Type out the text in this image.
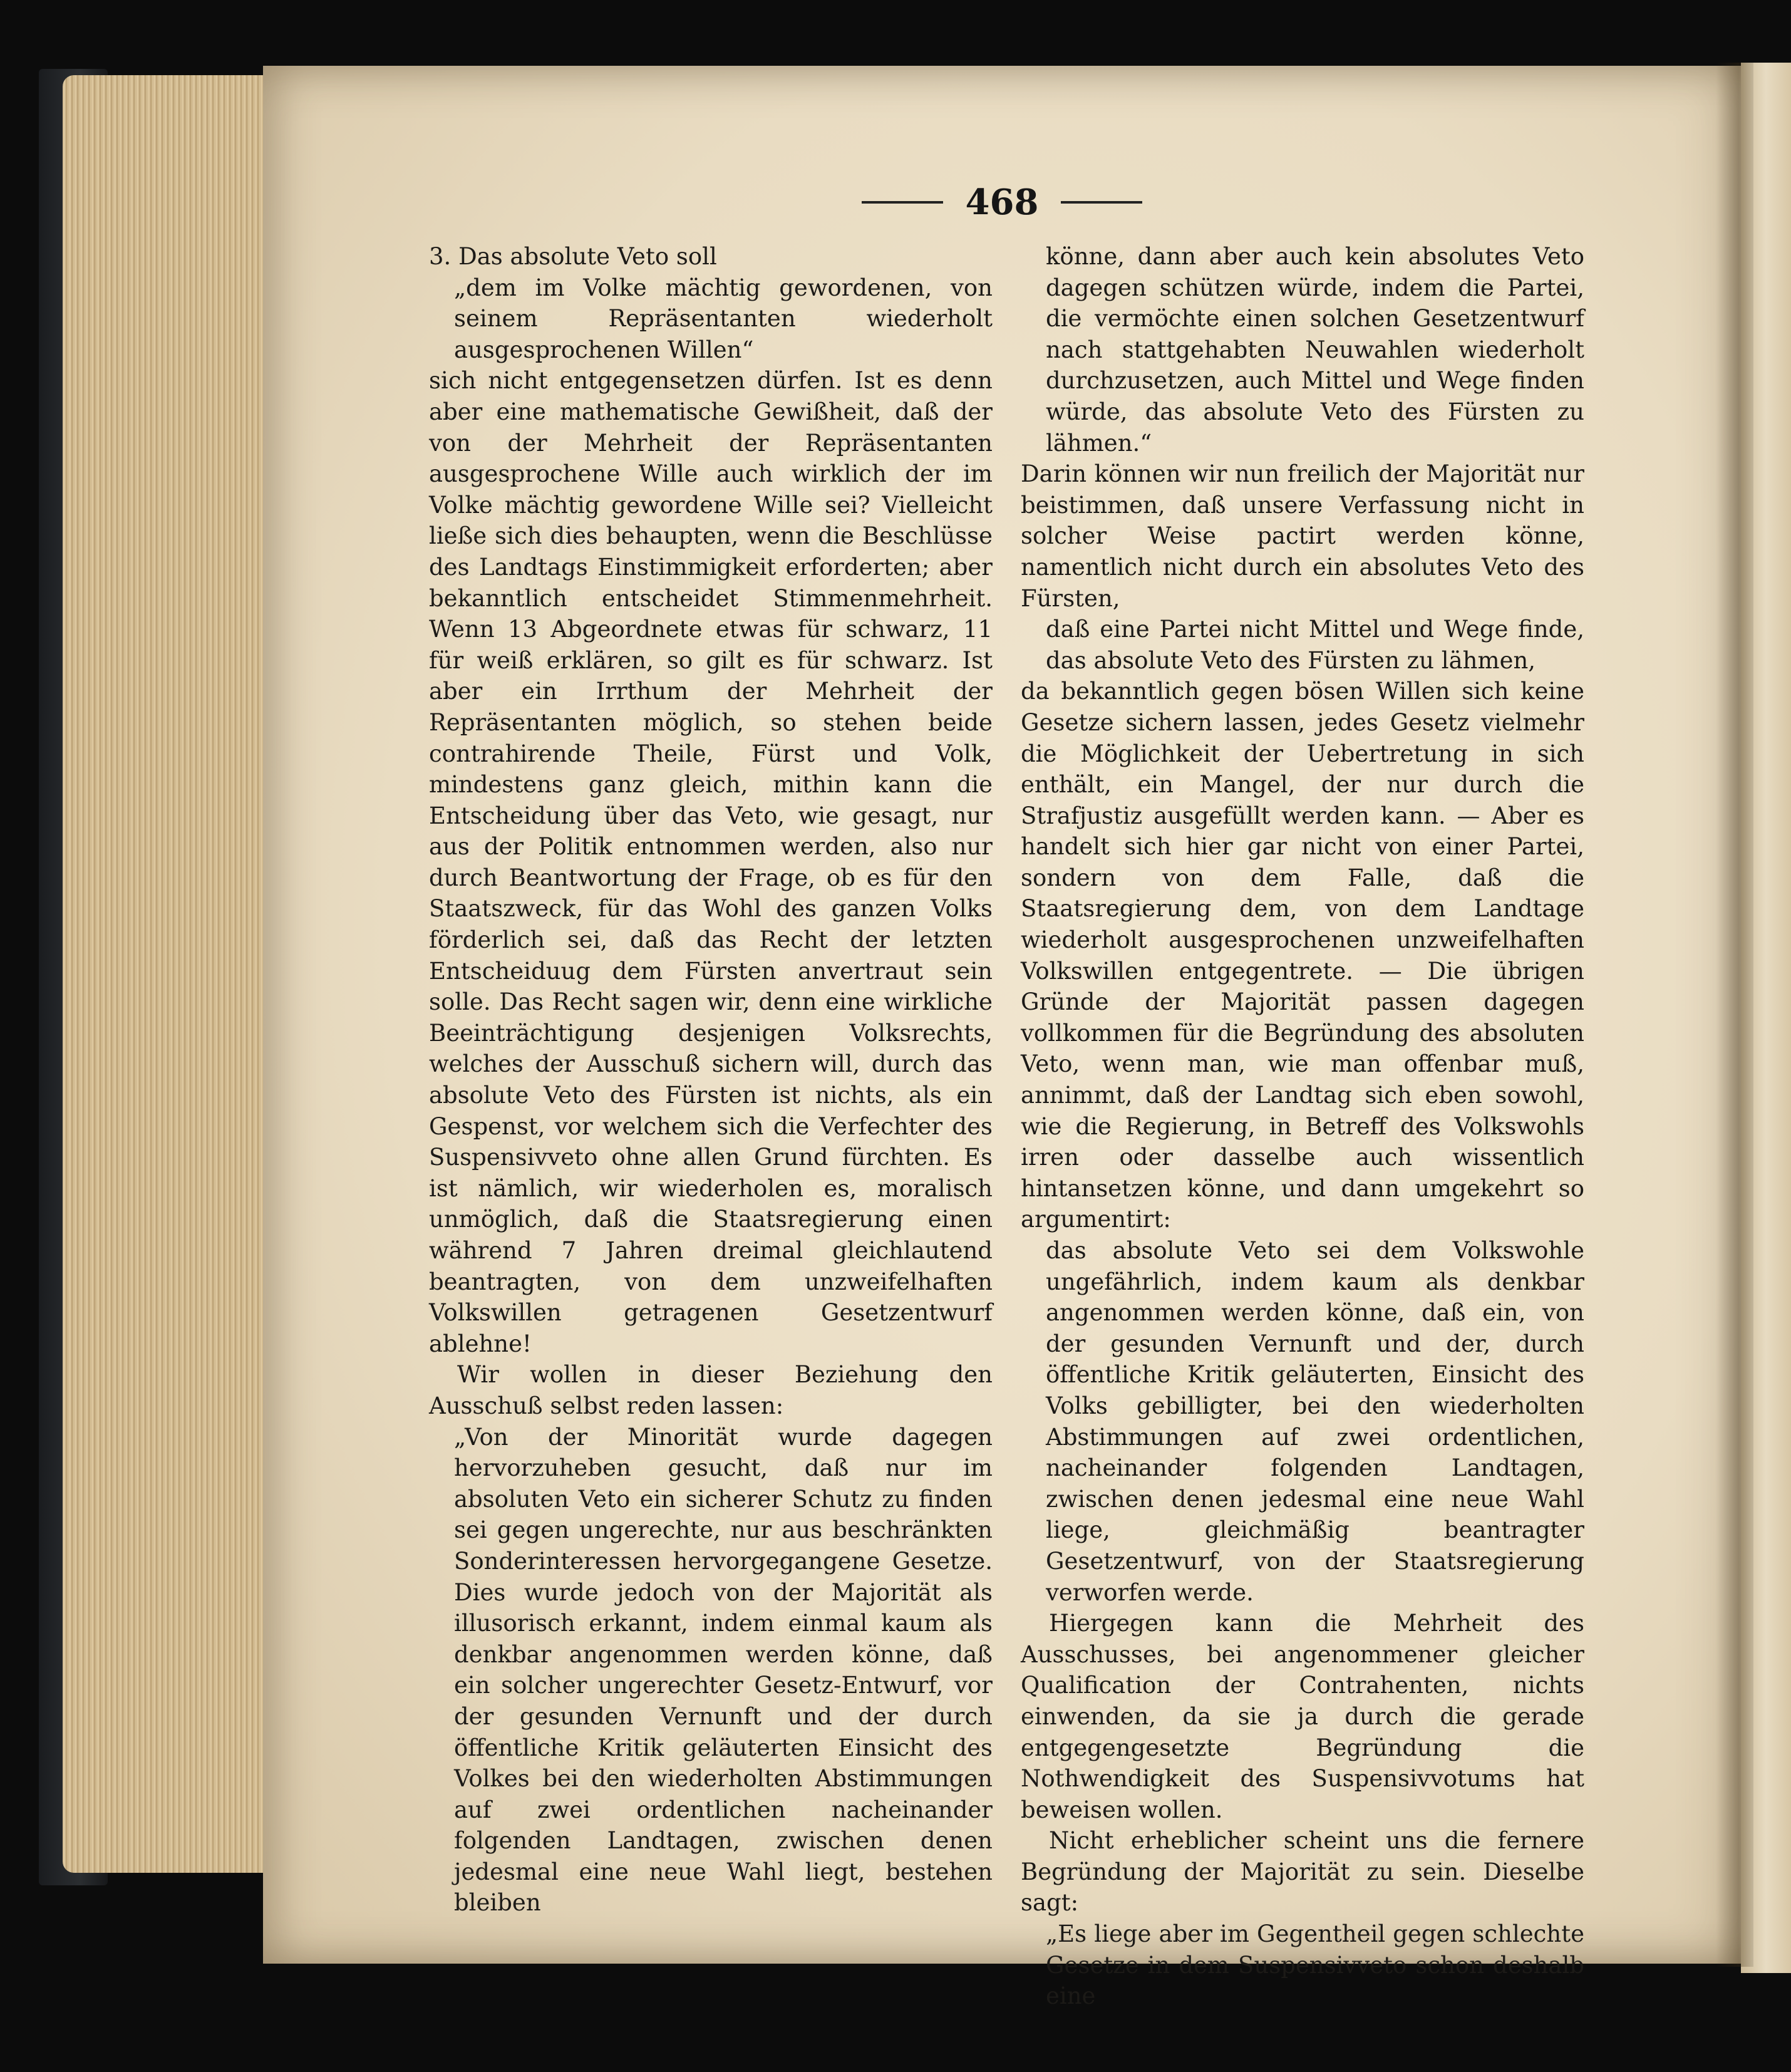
468

3. Das absolute Veto soll

„dem im Volke mächtig gewordenen, von seinem Repräsentanten wiederholt ausgesprochenen Willen“

sich nicht entgegensetzen dürfen. Ist es denn aber eine mathematische Gewißheit, daß der von der Mehrheit der Repräsentanten ausgesprochene Wille auch wirklich der im Volke mächtig gewordene Wille sei? Vielleicht ließe sich dies behaupten, wenn die Beschlüsse des Landtags Einstimmigkeit erforderten; aber bekanntlich entscheidet Stimmenmehrheit. Wenn 13 Abgeordnete etwas für schwarz, 11 für weiß erklären, so gilt es für schwarz. Ist aber ein Irrthum der Mehrheit der Repräsentanten möglich, so stehen beide contrahirende Theile, Fürst und Volk, mindestens ganz gleich, mithin kann die Entscheidung über das Veto, wie gesagt, nur aus der Politik entnommen werden, also nur durch Beantwortung der Frage, ob es für den Staatszweck, für das Wohl des ganzen Volks förderlich sei, daß das Recht der letzten Entscheiduug dem Fürsten anvertraut sein solle. Das Recht sagen wir, denn eine wirkliche Beeinträchtigung desjenigen Volksrechts, welches der Ausschuß sichern will, durch das absolute Veto des Fürsten ist nichts, als ein Gespenst, vor welchem sich die Verfechter des Suspensivveto ohne allen Grund fürchten. Es ist nämlich, wir wiederholen es, moralisch unmöglich, daß die Staatsregierung einen während 7 Jahren dreimal gleichlautend beantragten, von dem unzweifelhaften Volkswillen getragenen Gesetzentwurf ablehne!

Wir wollen in dieser Beziehung den Ausschuß selbst reden lassen:

„Von der Minorität wurde dagegen hervorzuheben gesucht, daß nur im absoluten Veto ein sicherer Schutz zu finden sei gegen ungerechte, nur aus beschränkten Sonderinteressen hervorgegangene Gesetze. Dies wurde jedoch von der Majorität als illusorisch erkannt, indem einmal kaum als denkbar angenommen werden könne, daß ein solcher ungerechter Gesetz-Entwurf, vor der gesunden Vernunft und der durch öffentliche Kritik geläuterten Einsicht des Volkes bei den wiederholten Abstimmungen auf zwei ordentlichen nacheinander folgenden Landtagen, zwischen denen jedesmal eine neue Wahl liegt, bestehen bleiben

könne, dann aber auch kein absolutes Veto dagegen schützen würde, indem die Partei, die vermöchte einen solchen Gesetzentwurf nach stattgehabten Neuwahlen wiederholt durchzusetzen, auch Mittel und Wege finden würde, das absolute Veto des Fürsten zu lähmen.“

Darin können wir nun freilich der Majorität nur beistimmen, daß unsere Verfassung nicht in solcher Weise pactirt werden könne, namentlich nicht durch ein absolutes Veto des Fürsten,

daß eine Partei nicht Mittel und Wege finde, das absolute Veto des Fürsten zu lähmen,

da bekanntlich gegen bösen Willen sich keine Gesetze sichern lassen, jedes Gesetz vielmehr die Möglichkeit der Uebertretung in sich enthält, ein Mangel, der nur durch die Strafjustiz ausgefüllt werden kann. — Aber es handelt sich hier gar nicht von einer Partei, sondern von dem Falle, daß die Staatsregierung dem, von dem Landtage wiederholt ausgesprochenen unzweifelhaften Volkswillen entgegentrete. — Die übrigen Gründe der Majorität passen dagegen vollkommen für die Begründung des absoluten Veto, wenn man, wie man offenbar muß, annimmt, daß der Landtag sich eben sowohl, wie die Regierung, in Betreff des Volkswohls irren oder dasselbe auch wissentlich hintansetzen könne, und dann umgekehrt so argumentirt:

das absolute Veto sei dem Volkswohle ungefährlich, indem kaum als denkbar angenommen werden könne, daß ein, von der gesunden Vernunft und der, durch öffentliche Kritik geläuterten, Einsicht des Volks gebilligter, bei den wiederholten Abstimmungen auf zwei ordentlichen, nacheinander folgenden Landtagen, zwischen denen jedesmal eine neue Wahl liege, gleichmäßig beantragter Gesetzentwurf, von der Staatsregierung verworfen werde.

Hiergegen kann die Mehrheit des Ausschusses, bei angenommener gleicher Qualification der Contrahenten, nichts einwenden, da sie ja durch die gerade entgegengesetzte Begründung die Nothwendigkeit des Suspensivvotums hat beweisen wollen.

Nicht erheblicher scheint uns die fernere Begründung der Majorität zu sein. Dieselbe sagt:

„Es liege aber im Gegentheil gegen schlechte Gesetze in dem Suspensivveto schon deshalb eine
